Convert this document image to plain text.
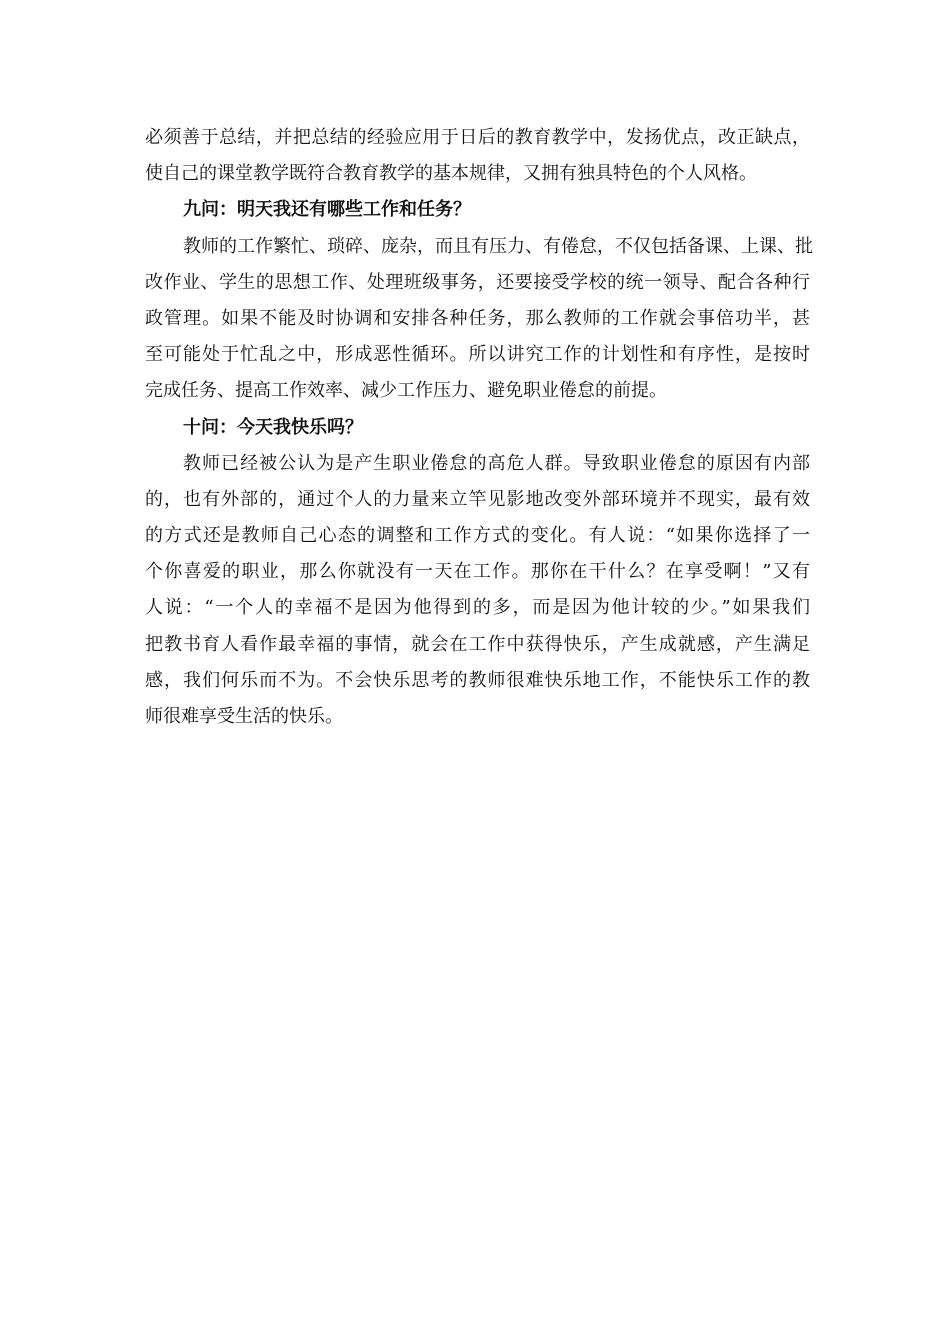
必须善于总结，并把总结的经验应用于日后的教育教学中，发扬优点，改正缺点，
使自己的课堂教学既符合教育教学的基本规律，又拥有独具特色的个人风格。
九问：明天我还有哪些工作和任务？
教师的工作繁忙、琐碎、庞杂，而且有压力、有倦怠，不仅包括备课、上课、批
改作业、学生的思想工作、处理班级事务，还要接受学校的统一领导、配合各种行
政管理。如果不能及时协调和安排各种任务，那么教师的工作就会事倍功半，甚
至可能处于忙乱之中，形成恶性循环。所以讲究工作的计划性和有序性，是按时
完成任务、提高工作效率、减少工作压力、避免职业倦怠的前提。
十问：今天我快乐吗？
教师已经被公认为是产生职业倦怠的高危人群。导致职业倦怠的原因有内部
的，也有外部的，通过个人的力量来立竿见影地改变外部环境并不现实，最有效
的方式还是教师自己心态的调整和工作方式的变化。有人说：“如果你选择了一
个你喜爱的职业，那么你就没有一天在工作。那你在干什么？在享受啊！”又有
人说：“一个人的幸福不是因为他得到的多，而是因为他计较的少。”如果我们
把教书育人看作最幸福的事情，就会在工作中获得快乐，产生成就感，产生满足
感，我们何乐而不为。不会快乐思考的教师很难快乐地工作，不能快乐工作的教
师很难享受生活的快乐。
